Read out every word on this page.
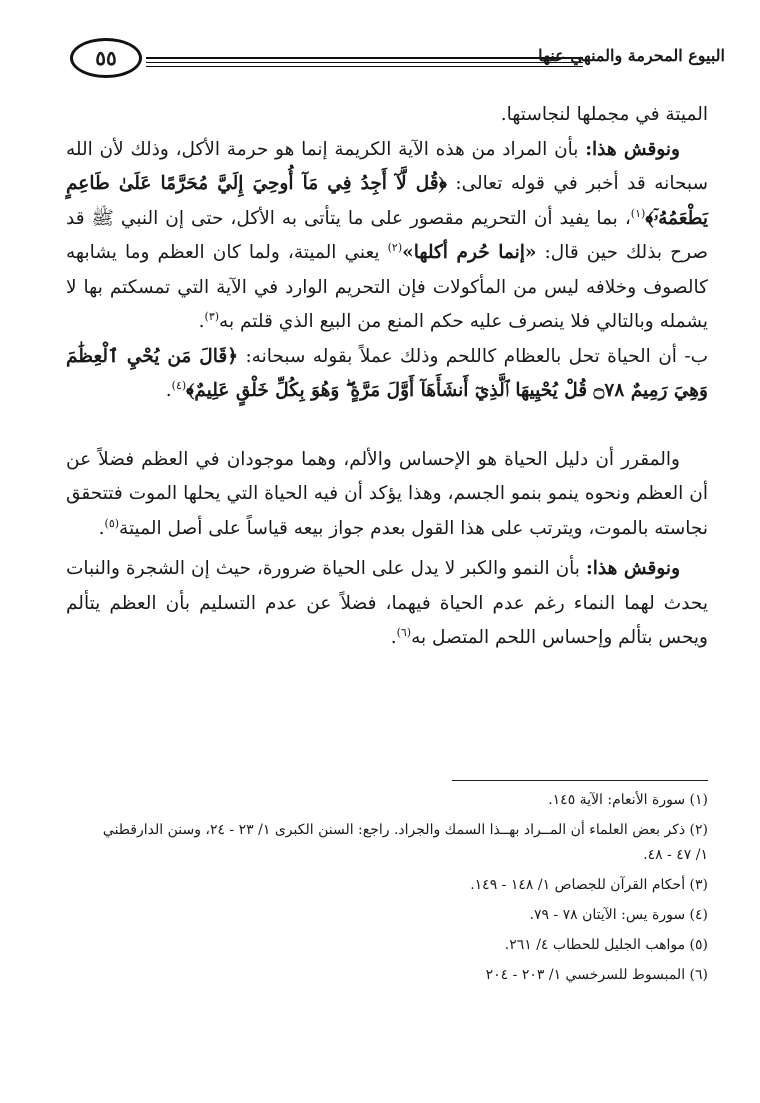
٥٥	البيوع المحرمة والمنهي عنها

الميتة في مجملها لنجاستها.

ونوقش هذا: بأن المراد من هذه الآية الكريمة إنما هو حرمة الأكل، وذلك لأن الله سبحانه قد أخبر في قوله تعالى: ﴿قُل لَّآ أَجِدُ فِي مَآ أُوحِيَ إِلَيَّ مُحَرَّمًا عَلَىٰ طَاعِمٍ يَطْعَمُهُۥٓ﴾$^{(١)}$، بما يفيد أن التحريم مقصور على ما يتأتى به الأكل، حتى إن النبي ﷺ قد صرح بذلك حين قال: «إنما حُرم أكلها»$^{(٢)}$ يعني الميتة، ولما كان العظم وما يشابهه كالصوف وخلافه ليس من المأكولات فإن التحريم الوارد في الآية التي تمسكتم بها لا يشمله وبالتالي فلا ينصرف عليه حكم المنع من البيع الذي قلتم به$^{(٣)}$.

ب- أن الحياة تحل بالعظام كاللحم وذلك عملاً بقوله سبحانه: ﴿قَالَ مَن يُحْيِ ٱلْعِظَٰمَ وَهِيَ رَمِيمٌ ۝٧٨ قُلْ يُحْيِيهَا ٱلَّذِيٓ أَنشَأَهَآ أَوَّلَ مَرَّةٍ ۖ وَهُوَ بِكُلِّ خَلْقٍ عَلِيمٌ﴾$^{(٤)}$.

والمقرر أن دليل الحياة هو الإحساس والألم، وهما موجودان في العظم فضلاً عن أن العظم ونحوه ينمو بنمو الجسم، وهذا يؤكد أن فيه الحياة التي يحلها الموت فتتحقق نجاسته بالموت، ويترتب على هذا القول بعدم جواز بيعه قياساً على أصل الميتة$^{(٥)}$.

ونوقش هذا: بأن النمو والكبر لا يدل على الحياة ضرورة، حيث إن الشجرة والنبات يحدث لهما النماء رغم عدم الحياة فيهما، فضلاً عن عدم التسليم بأن العظم يتألم ويحس بتألم وإحساس اللحم المتصل به$^{(٦)}$.

(١) سورة الأنعام: الآية ١٤٥.
(٢) ذكر بعض العلماء أن المــراد بهــذا السمك والجراد. راجع: السنن الكبرى ١/ ٢٣ - ٢٤، وسنن الدارقطني
١/ ٤٧ - ٤٨.
(٣) أحكام القرآن للجصاص ١/ ١٤٨ - ١٤٩.
(٤) سورة يس: الآيتان ٧٨ - ٧٩.
(٥) مواهب الجليل للحطاب ٤/ ٢٦١.
(٦) المبسوط للسرخسي ١/ ٢٠٣ - ٢٠٤
